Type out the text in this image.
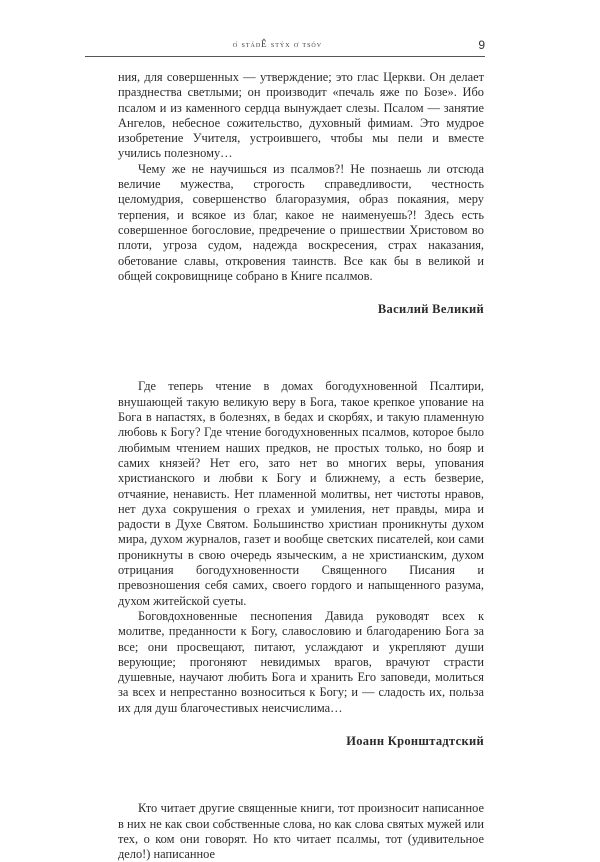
о́ stádÊ stýx o̓ tsóv	9

ния, для совершенных — утверждение; это глас Церкви. Он делает празднества светлыми; он производит «печаль яже по Бозе». Ибо псалом и из каменного сердца вынуждает слезы. Псалом — занятие Ангелов, небесное сожительство, духовный фимиам. Это мудрое изобретение Учителя, устроившего, чтобы мы пели и вместе учились полезному…

Чему же не научишься из псалмов?! Не познаешь ли отсюда величие мужества, строгость справедливости, честность целомудрия, совершенство благоразумия, образ покаяния, меру терпения, и всякое из благ, какое не наименуешь?! Здесь есть совершенное богословие, предречение о пришествии Христовом во плоти, угроза судом, надежда воскресения, страх наказания, обетование славы, откровения таинств. Все как бы в великой и общей сокровищнице собрано в Книге псалмов.

Василий Великий

Где теперь чтение в домах богодухновенной Псалтири, внушающей такую великую веру в Бога, такое крепкое упование на Бога в напастях, в болезнях, в бедах и скорбях, и такую пламенную любовь к Богу? Где чтение богодухновенных псалмов, которое было любимым чтением наших предков, не простых только, но бояр и самих князей? Нет его, зато нет во многих веры, упования христианского и любви к Богу и ближнему, а есть безверие, отчаяние, ненависть. Нет пламенной молитвы, нет чистоты нравов, нет духа сокрушения о грехах и умиления, нет правды, мира и радости в Духе Святом. Большинство христиан проникнуты духом мира, духом журналов, газет и вообще светских писателей, кои сами проникнуты в свою очередь языческим, а не христианским, духом отрицания богодухновенности Священного Писания и превозношения себя самих, своего гордого и напыщенного разума, духом житейской суеты.

Боговдохновенные песнопения Давида руководят всех к молитве, преданности к Богу, славословию и благодарению Бога за все; они просвещают, питают, услаждают и укрепляют души верующие; прогоняют невидимых врагов, врачуют страсти душевные, научают любить Бога и хранить Его заповеди, молиться за всех и непрестанно возноситься к Богу; и — сладость их, польза их для душ благочестивых неисчислима…

Иоанн Кронштадтский

Кто читает другие священные книги, тот произносит написанное в них не как свои собственные слова, но как слова святых мужей или тех, о ком они говорят. Но кто читает псалмы, тот (удивительное дело!) написанное
